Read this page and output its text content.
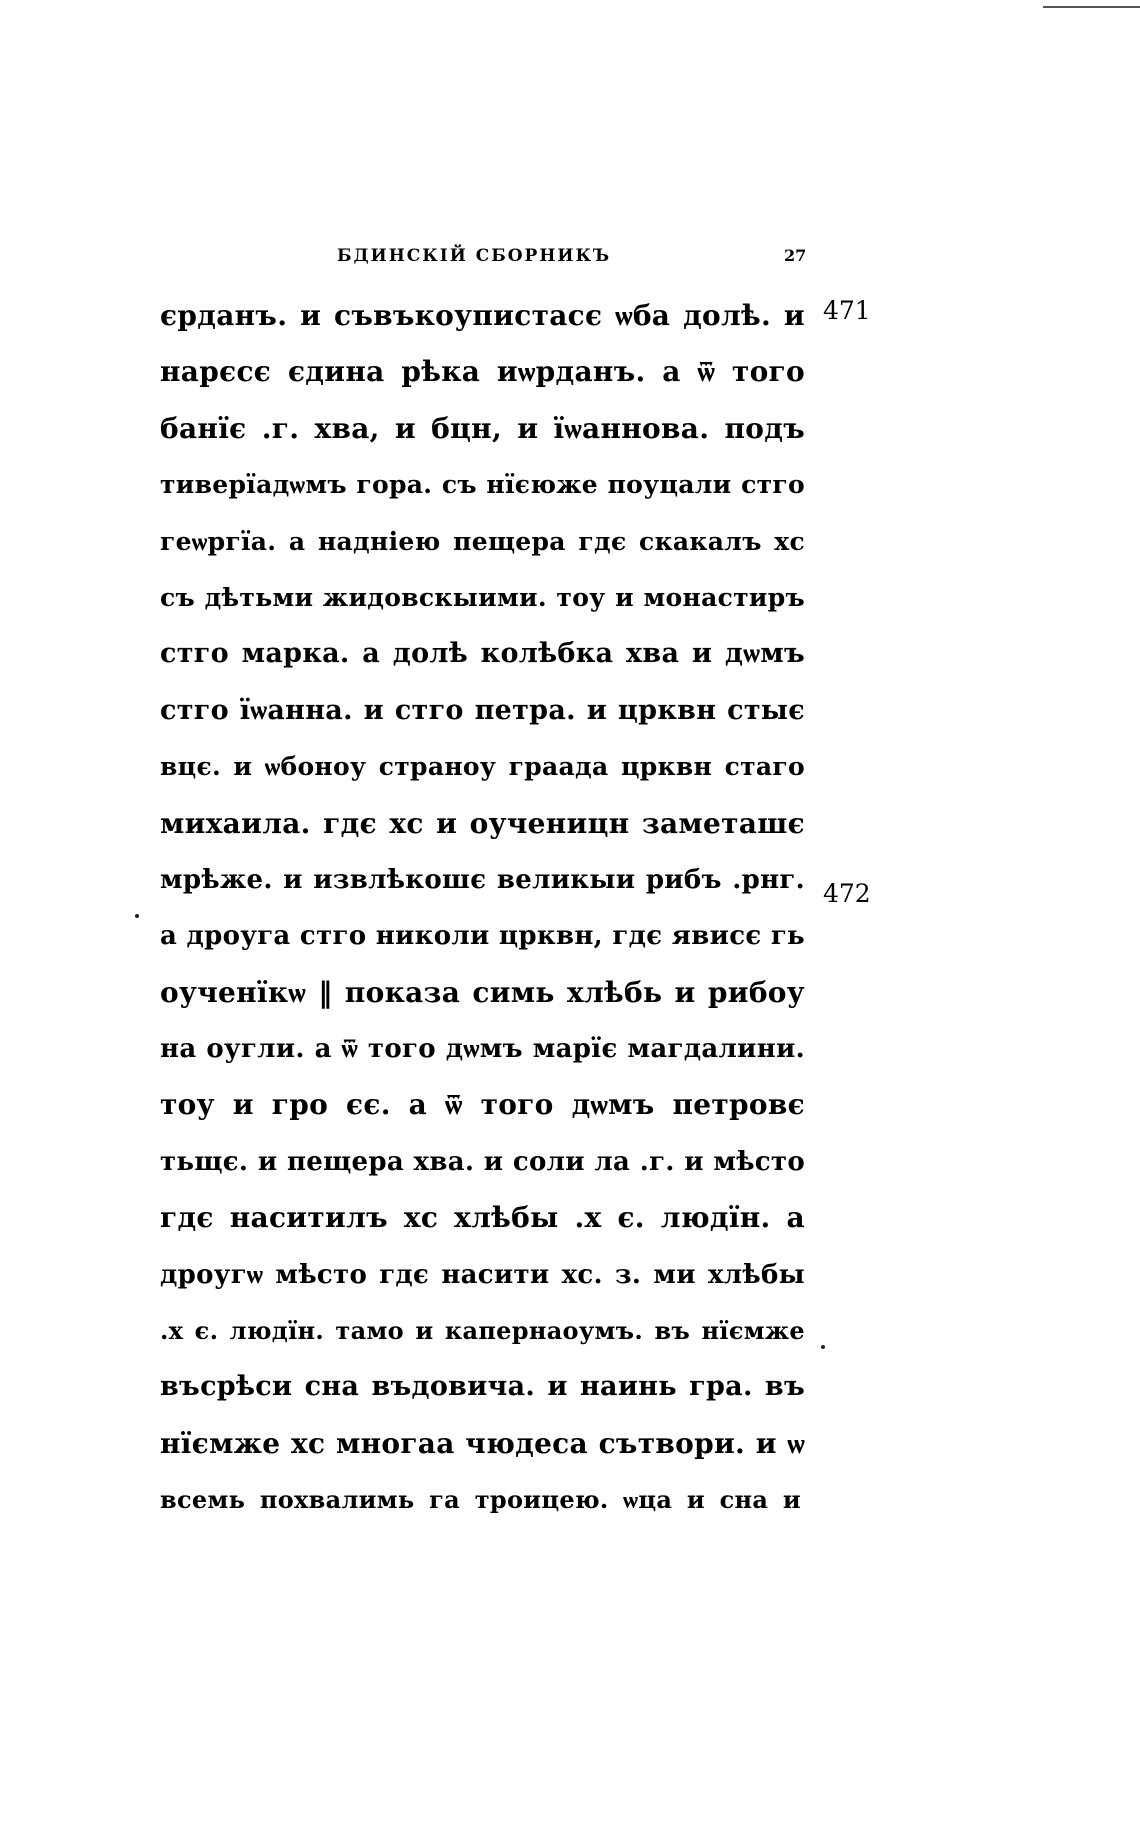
БДИНСКІЙ СБОРНИКЪ	27
єрданъ. и съвъкоупистасє ѡба долѣ. и
нарєсє єдина рѣка иѡрданъ. а ѿ того
банїє .г. хва, и бцн, и їѡанновa. подъ
тиверїадѡмъ гора. съ нїєюже поуцали стго
геѡргїа. а надніею пещера гдє скакалъ хс
съ дѣтьми жидовскыими. тоу и монастиръ
стго марка. а долѣ колѣбка хва и дѡмъ
стго їѡанна. и стго петра. и црквн стыє
вцє. и ѡбоноу страноу граада црквн стаго
михаила. гдє хс и оученицн заметашє
мрѣже. и извлѣкошє великыи рибъ .рнг.
а дроуга стго николи црквн, гдє явисє гь
оученїкѡ ‖ показа симь хлѣбь и рибоу
на оугли. а ѿ того дѡмъ марїє магдалини.
тоу и гро єє. а ѿ того дѡмъ петровє
тьщє. и пещера хва. и соли ла .г. и мѣсто
гдє наситилъ хс хлѣбы .х є. людїн. а
дроугѡ мѣсто гдє насити хс. з. ми хлѣбы
.х є. людїн. тамо и капернаоумъ. въ нїємже
въсрѣси сна въдовича. и наинь гра. въ
нїємже хс многаа чюдеса сътвори. и ѡ
всемь похвалимь га троицею. ѡца и сна и
471
472
